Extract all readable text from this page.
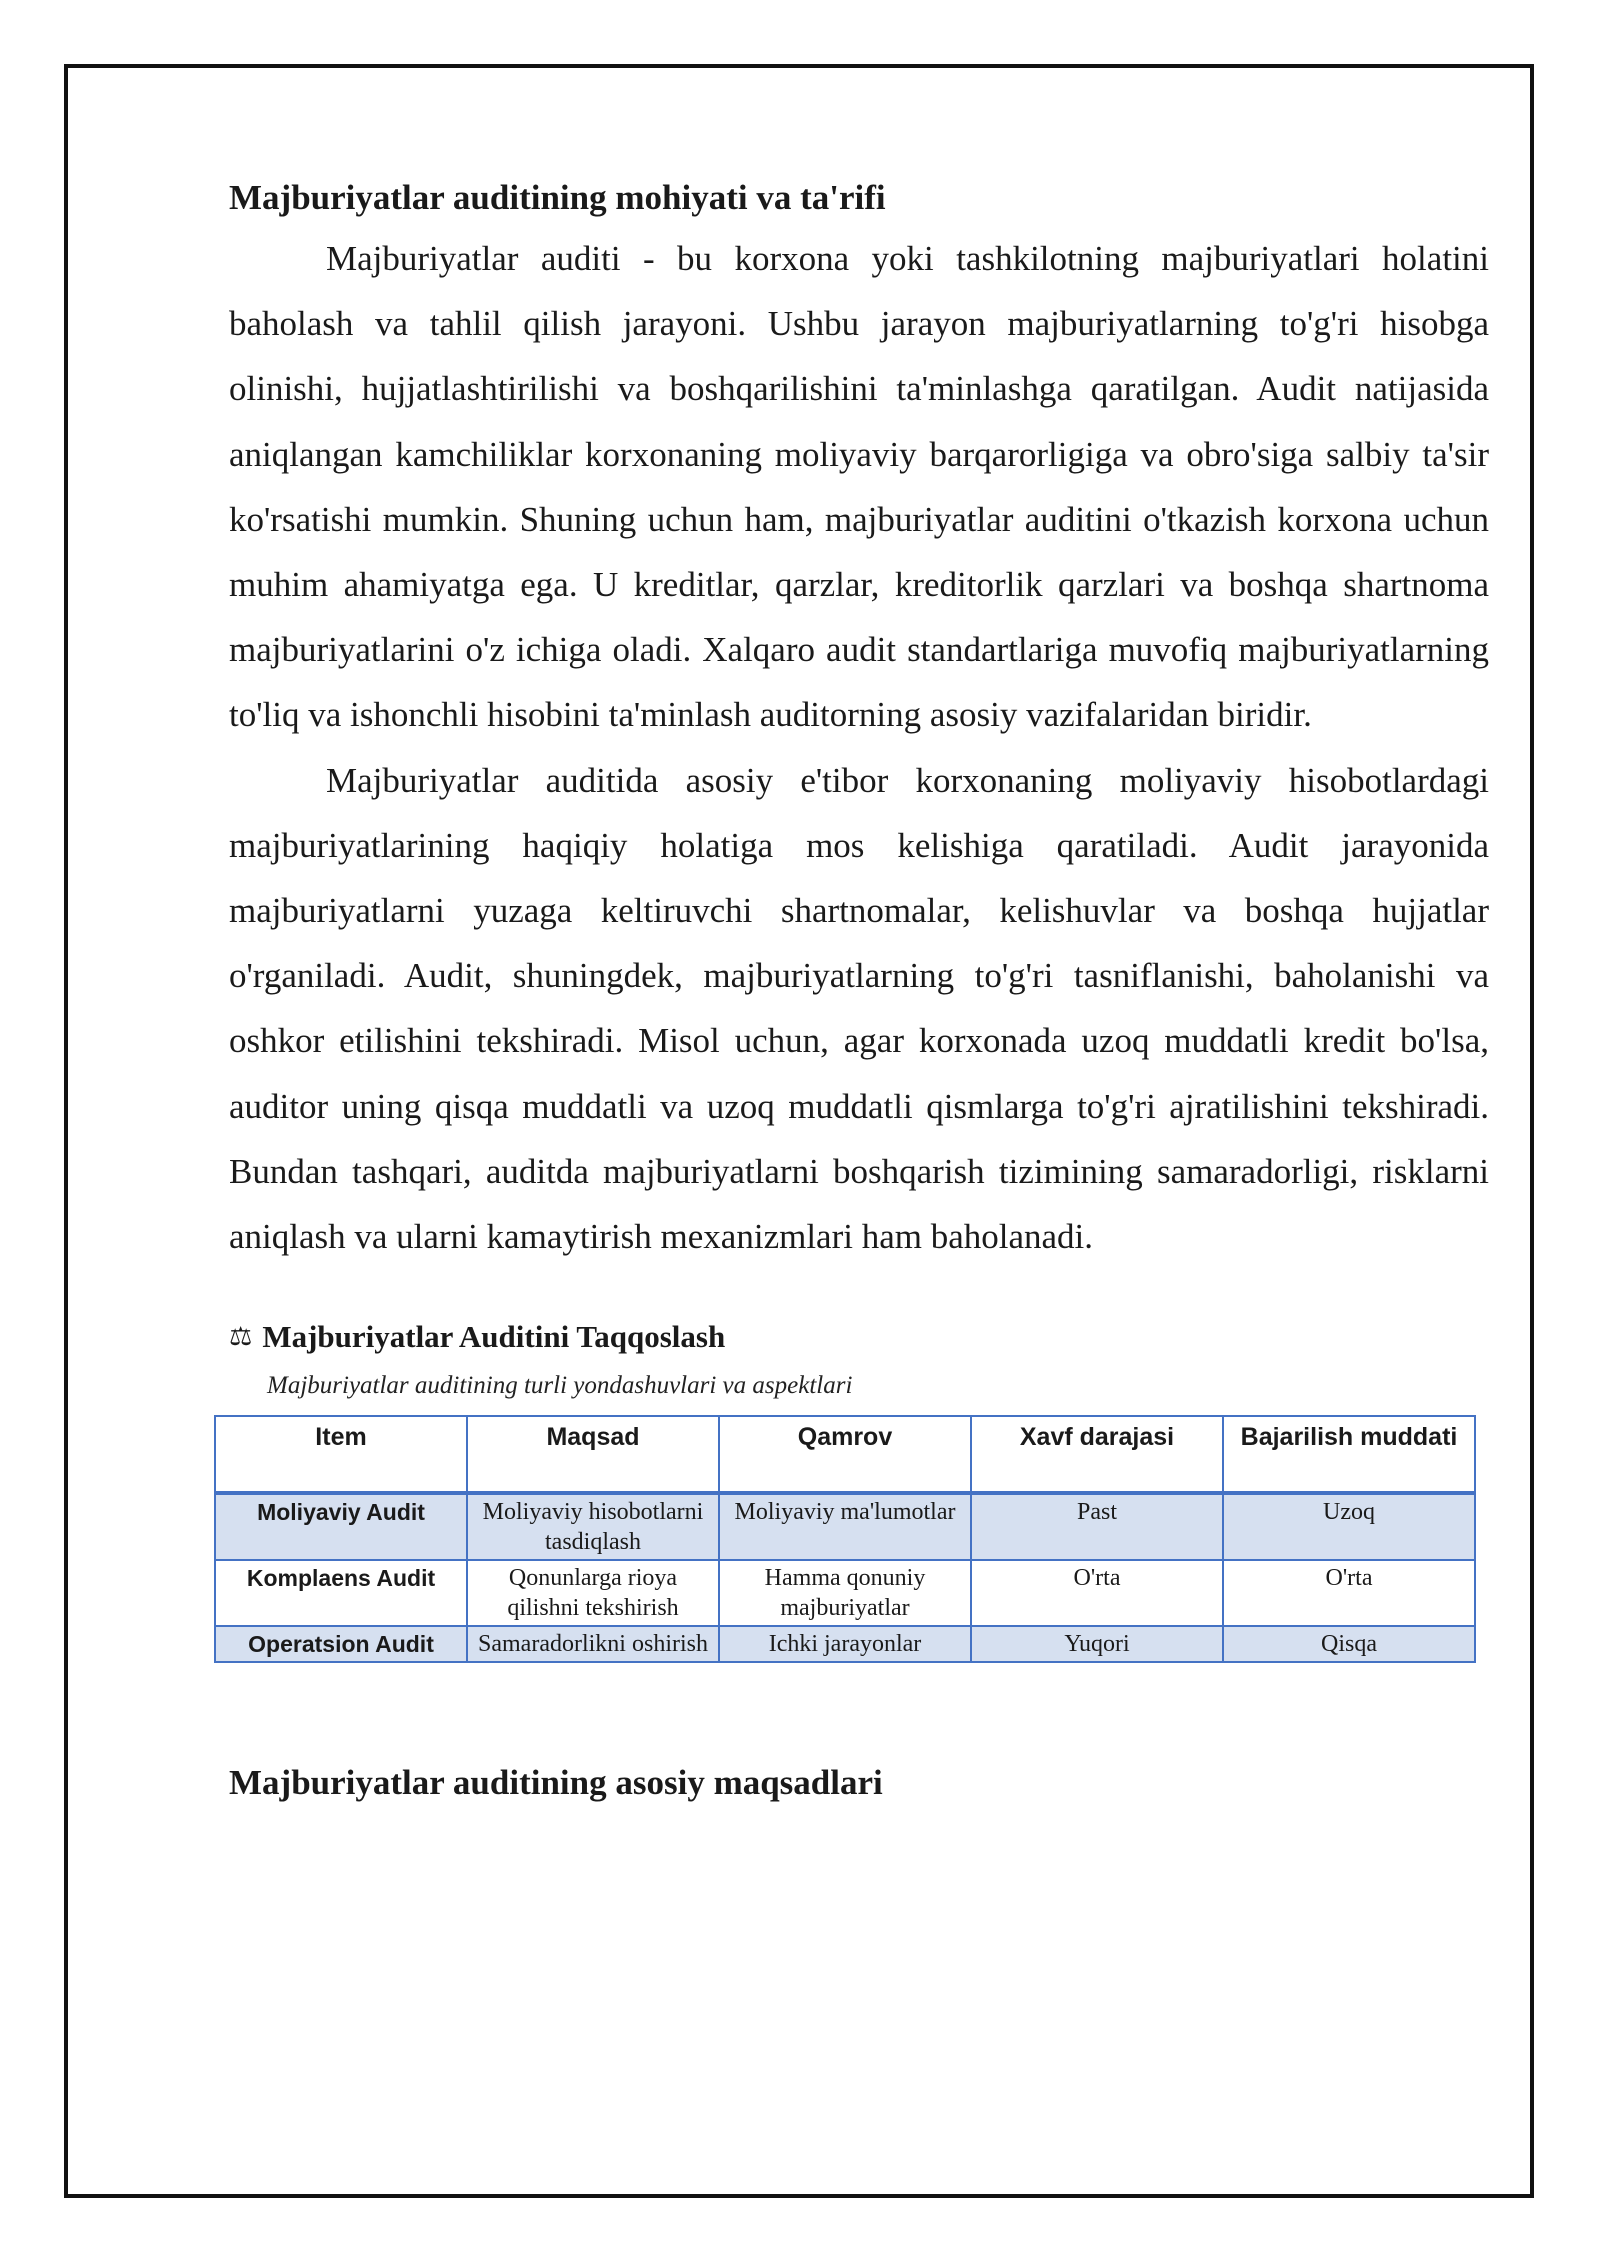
Majburiyatlar auditining mohiyati va ta'rifi

Majburiyatlar auditi - bu korxona yoki tashkilotning majburiyatlari holatini baholash va tahlil qilish jarayoni. Ushbu jarayon majburiyatlarning to'g'ri hisobga olinishi, hujjatlashtirilishi va boshqarilishini ta'minlashga qaratilgan. Audit natijasida aniqlangan kamchiliklar korxonaning moliyaviy barqarorligiga va obro'siga salbiy ta'sir ko'rsatishi mumkin. Shuning uchun ham, majburiyatlar auditini o'tkazish korxona uchun muhim ahamiyatga ega. U kreditlar, qarzlar, kreditorlik qarzlari va boshqa shartnoma majburiyatlarini o'z ichiga oladi. Xalqaro audit standartlariga muvofiq majburiyatlarning to'liq va ishonchli hisobini ta'minlash auditorning asosiy vazifalaridan biridir.

Majburiyatlar auditida asosiy e'tibor korxonaning moliyaviy hisobotlardagi majburiyatlarining haqiqiy holatiga mos kelishiga qaratiladi. Audit jarayonida majburiyatlarni yuzaga keltiruvchi shartnomalar, kelishuvlar va boshqa hujjatlar o'rganiladi. Audit, shuningdek, majburiyatlarning to'g'ri tasniflanishi, baholanishi va oshkor etilishini tekshiradi. Misol uchun, agar korxonada uzoq muddatli kredit bo'lsa, auditor uning qisqa muddatli va uzoq muddatli qismlarga to'g'ri ajratilishini tekshiradi. Bundan tashqari, auditda majburiyatlarni boshqarish tizimining samaradorligi, risklarni aniqlash va ularni kamaytirish mexanizmlari ham baholanadi.

⚖ Majburiyatlar Auditini Taqqoslash
Majburiyatlar auditining turli yondashuvlari va aspektlari
Item	Maqsad	Qamrov	Xavf darajasi	Bajarilish muddati
Moliyaviy Audit	Moliyaviy hisobotlarni tasdiqlash	Moliyaviy ma'lumotlar	Past	Uzoq
Komplaens Audit	Qonunlarga rioya qilishni tekshirish	Hamma qonuniy majburiyatlar	O'rta	O'rta
Operatsion Audit	Samaradorlikni oshirish	Ichki jarayonlar	Yuqori	Qisqa
Majburiyatlar auditining asosiy maqsadlari
